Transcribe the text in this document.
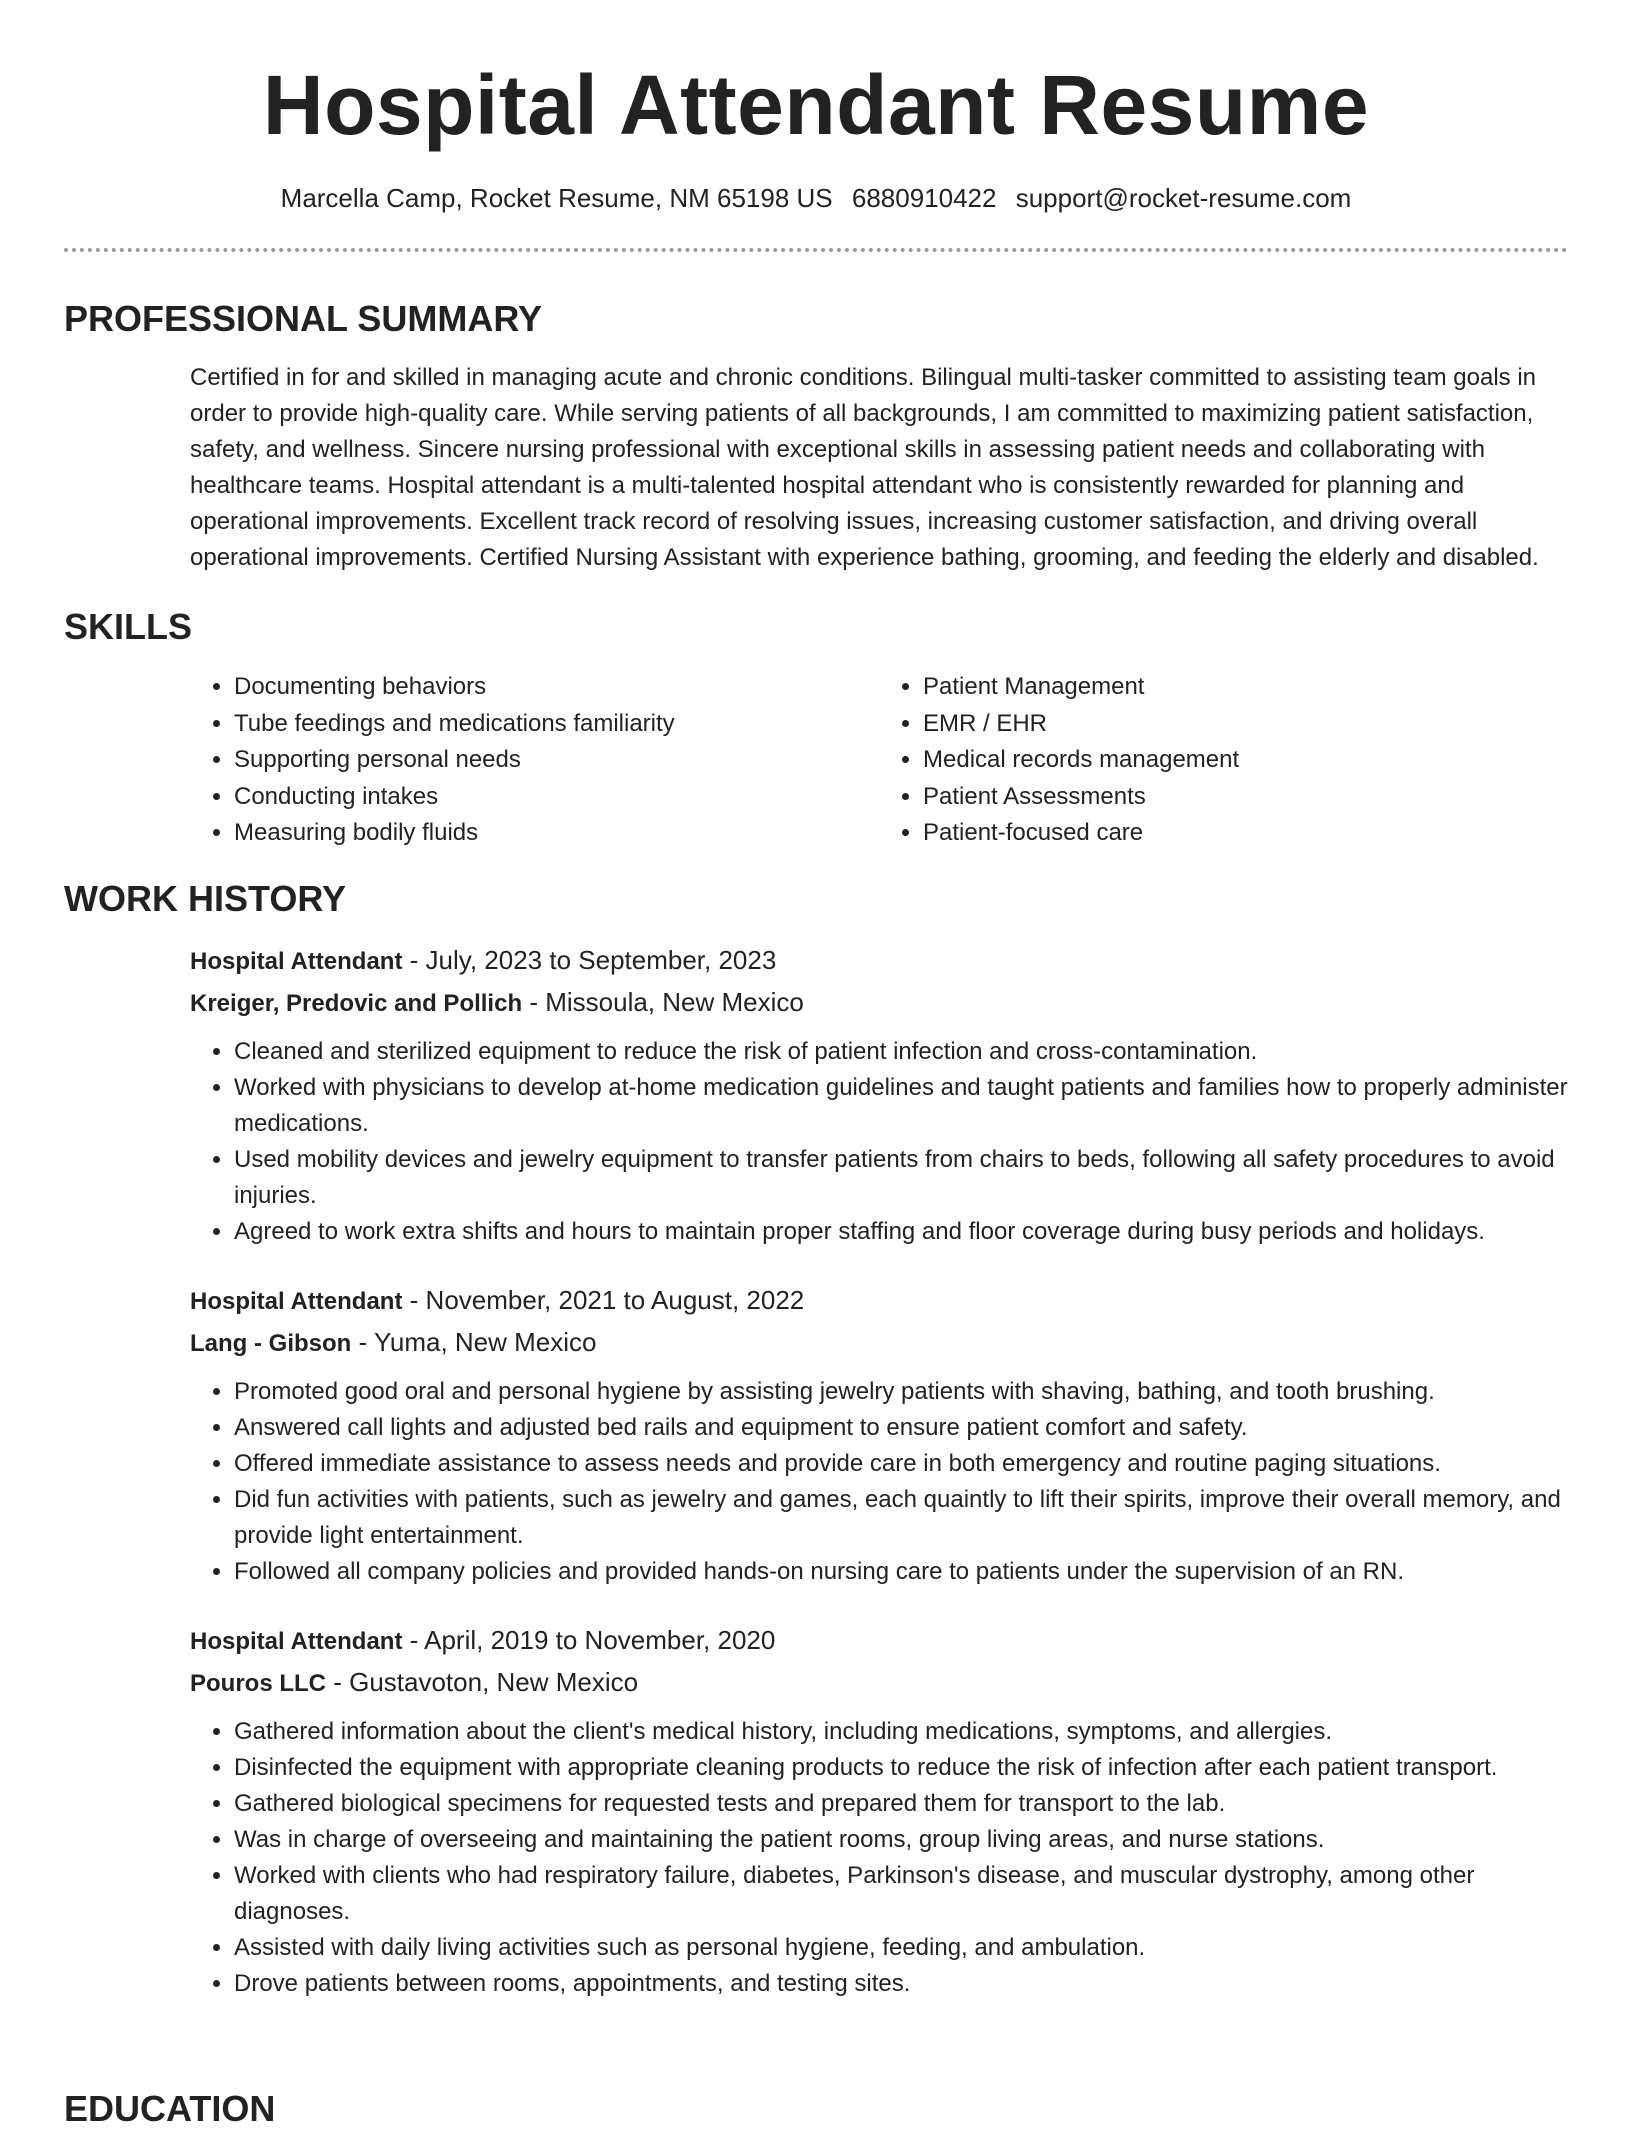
Hospital Attendant Resume
Marcella Camp, Rocket Resume, NM 65198 US 6880910422 support@rocket-resume.com
PROFESSIONAL SUMMARY

Certified in for and skilled in managing acute and chronic conditions. Bilingual multi-tasker committed to assisting team goals in order to provide high-quality care. While serving patients of all backgrounds, I am committed to maximizing patient satisfaction, safety, and wellness. Sincere nursing professional with exceptional skills in assessing patient needs and collaborating with healthcare teams. Hospital attendant is a multi-talented hospital attendant who is consistently rewarded for planning and operational improvements. Excellent track record of resolving issues, increasing customer satisfaction, and driving overall operational improvements. Certified Nursing Assistant with experience bathing, grooming, and feeding the elderly and disabled.

SKILLS
• Documenting behaviors
• Tube feedings and medications familiarity
• Supporting personal needs
• Conducting intakes
• Measuring bodily fluids
• Patient Management
• EMR / EHR
• Medical records management
• Patient Assessments
• Patient-focused care
WORK HISTORY
Hospital Attendant - July, 2023 to September, 2023
Kreiger, Predovic and Pollich - Missoula, New Mexico
• Cleaned and sterilized equipment to reduce the risk of patient infection and cross-contamination.
• Worked with physicians to develop at-home medication guidelines and taught patients and families how to properly administer medications.
• Used mobility devices and jewelry equipment to transfer patients from chairs to beds, following all safety procedures to avoid injuries.
• Agreed to work extra shifts and hours to maintain proper staffing and floor coverage during busy periods and holidays.
Hospital Attendant - November, 2021 to August, 2022
Lang - Gibson - Yuma, New Mexico
• Promoted good oral and personal hygiene by assisting jewelry patients with shaving, bathing, and tooth brushing.
• Answered call lights and adjusted bed rails and equipment to ensure patient comfort and safety.
• Offered immediate assistance to assess needs and provide care in both emergency and routine paging situations.
• Did fun activities with patients, such as jewelry and games, each quaintly to lift their spirits, improve their overall memory, and provide light entertainment.
• Followed all company policies and provided hands-on nursing care to patients under the supervision of an RN.
Hospital Attendant - April, 2019 to November, 2020
Pouros LLC - Gustavoton, New Mexico
• Gathered information about the client's medical history, including medications, symptoms, and allergies.
• Disinfected the equipment with appropriate cleaning products to reduce the risk of infection after each patient transport.
• Gathered biological specimens for requested tests and prepared them for transport to the lab.
• Was in charge of overseeing and maintaining the patient rooms, group living areas, and nurse stations.
• Worked with clients who had respiratory failure, diabetes, Parkinson's disease, and muscular dystrophy, among other diagnoses.
• Assisted with daily living activities such as personal hygiene, feeding, and ambulation.
• Drove patients between rooms, appointments, and testing sites.
EDUCATION
